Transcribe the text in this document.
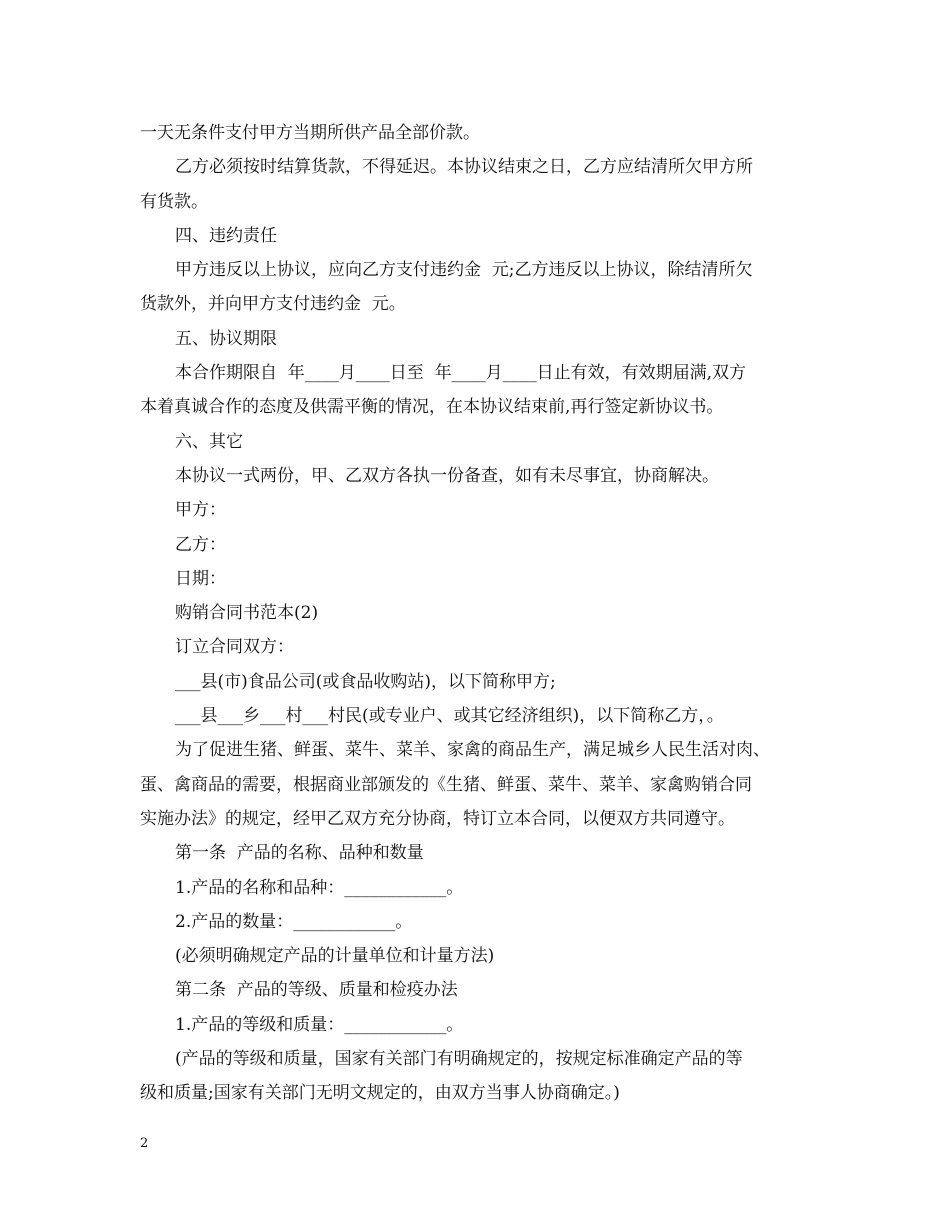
一天无条件支付甲方当期所供产品全部价款。

乙方必须按时结算货款，不得延迟。本协议结束之日，乙方应结清所欠甲方所

有货款。

四、违约责任

甲方违反以上协议，应向乙方支付违约金  元;乙方违反以上协议，除结清所欠

货款外，并向甲方支付违约金  元。

五、协议期限

本合作期限自  年____月____日至  年____月____日止有效，有效期届满,双方

本着真诚合作的态度及供需平衡的情况，在本协议结束前,再行签定新协议书。

六、其它

本协议一式两份，甲、乙双方各执一份备查，如有未尽事宜，协商解决。

甲方：

乙方：

日期：

购销合同书范本(2)

订立合同双方：

___县(市)食品公司(或食品收购站)，以下简称甲方;

___县___乡___村___村民(或专业户、或其它经济组织)，以下简称乙方，。

为了促进生猪、鲜蛋、菜牛、菜羊、家禽的商品生产，满足城乡人民生活对肉、

蛋、禽商品的需要，根据商业部颁发的《生猪、鲜蛋、菜牛、菜羊、家禽购销合同

实施办法》的规定，经甲乙双方充分协商，特订立本合同，以便双方共同遵守。

第一条  产品的名称、品种和数量

1.产品的名称和品种：____________。

2.产品的数量：____________。

(必须明确规定产品的计量单位和计量方法)

第二条  产品的等级、质量和检疫办法

1.产品的等级和质量：____________。

(产品的等级和质量，国家有关部门有明确规定的，按规定标准确定产品的等

级和质量;国家有关部门无明文规定的，由双方当事人协商确定。)

2
